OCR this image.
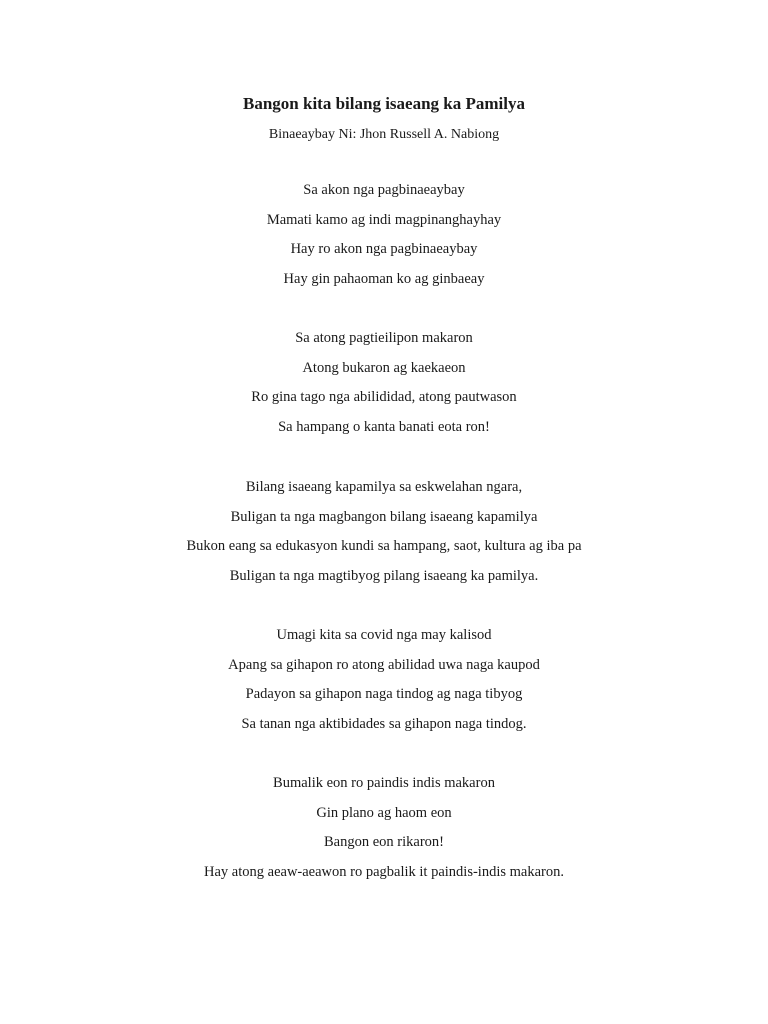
Bangon kita bilang isaeang ka Pamilya

Binaeaybay Ni: Jhon Russell A. Nabiong

Sa akon nga pagbinaeaybay
Mamati kamo ag indi magpinanghayhay
Hay ro akon nga pagbinaeaybay
Hay gin pahaoman ko ag ginbaeay
Sa atong pagtieilipon makaron
Atong bukaron ag kaekaeon
Ro gina tago nga abilididad, atong pautwason
Sa hampang o kanta banati eota ron!
Bilang isaeang kapamilya sa eskwelahan ngara,
Buligan ta nga magbangon bilang isaeang kapamilya
Bukon eang sa edukasyon kundi sa hampang, saot, kultura ag iba pa
Buligan ta nga magtibyog pilang isaeang ka pamilya.
Umagi kita sa covid nga may kalisod
Apang sa gihapon ro atong abilidad uwa naga kaupod
Padayon sa gihapon naga tindog ag naga tibyog
Sa tanan nga aktibidades sa gihapon naga tindog.
Bumalik eon ro paindis indis makaron
Gin plano ag haom eon
Bangon eon rikaron!
Hay atong aeaw-aeawon ro pagbalik it paindis-indis makaron.
